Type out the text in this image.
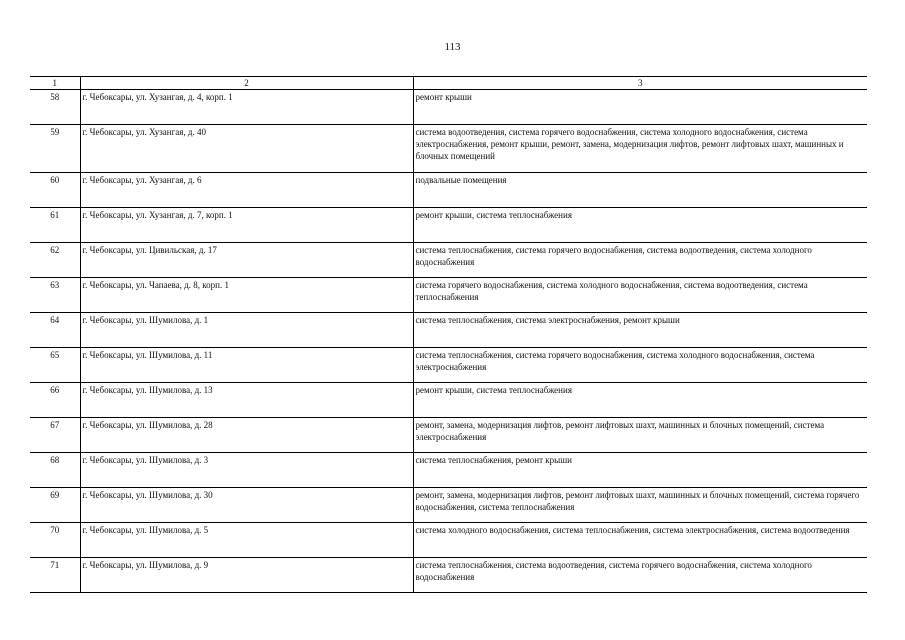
113
1	2	3
58	г. Чебоксары, ул. Хузангая, д. 4, корп. 1	ремонт крыши
59	г. Чебоксары, ул. Хузангая, д. 40	система водоотведения, система горячего водоснабжения, система холодного водоснабжения, система электроснабжения, ремонт крыши, ремонт, замена, модернизация лифтов, ремонт лифтовых шахт, машинных и блочных помещений
60	г. Чебоксары, ул. Хузангая, д. 6	подвальные помещения
61	г. Чебоксары, ул. Хузангая, д. 7, корп. 1	ремонт крыши, система теплоснабжения
62	г. Чебоксары, ул. Цивильская, д. 17	система теплоснабжения, система горячего водоснабжения, система водоотведения, система холодного водоснабжения
63	г. Чебоксары, ул. Чапаева, д. 8, корп. 1	система горячего водоснабжения, система холодного водоснабжения, система водоотведения, система теплоснабжения
64	г. Чебоксары, ул. Шумилова, д. 1	система теплоснабжения, система электроснабжения, ремонт крыши
65	г. Чебоксары, ул. Шумилова, д. 11	система теплоснабжения, система горячего водоснабжения, система холодного водоснабжения, система электроснабжения
66	г. Чебоксары, ул. Шумилова, д. 13	ремонт крыши, система теплоснабжения
67	г. Чебоксары, ул. Шумилова, д. 28	ремонт, замена, модернизация лифтов, ремонт лифтовых шахт, машинных и блочных помещений, система электроснабжения
68	г. Чебоксары, ул. Шумилова, д. 3	система теплоснабжения, ремонт крыши
69	г. Чебоксары, ул. Шумилова, д. 30	ремонт, замена, модернизация лифтов, ремонт лифтовых шахт, машинных и блочных помещений, система горячего водоснабжения, система теплоснабжения
70	г. Чебоксары, ул. Шумилова, д. 5	система холодного водоснабжения, система теплоснабжения, система электроснабжения, система водоотведения
71	г. Чебоксары, ул. Шумилова, д. 9	система теплоснабжения, система водоотведения, система горячего водоснабжения, система холодного водоснабжения
